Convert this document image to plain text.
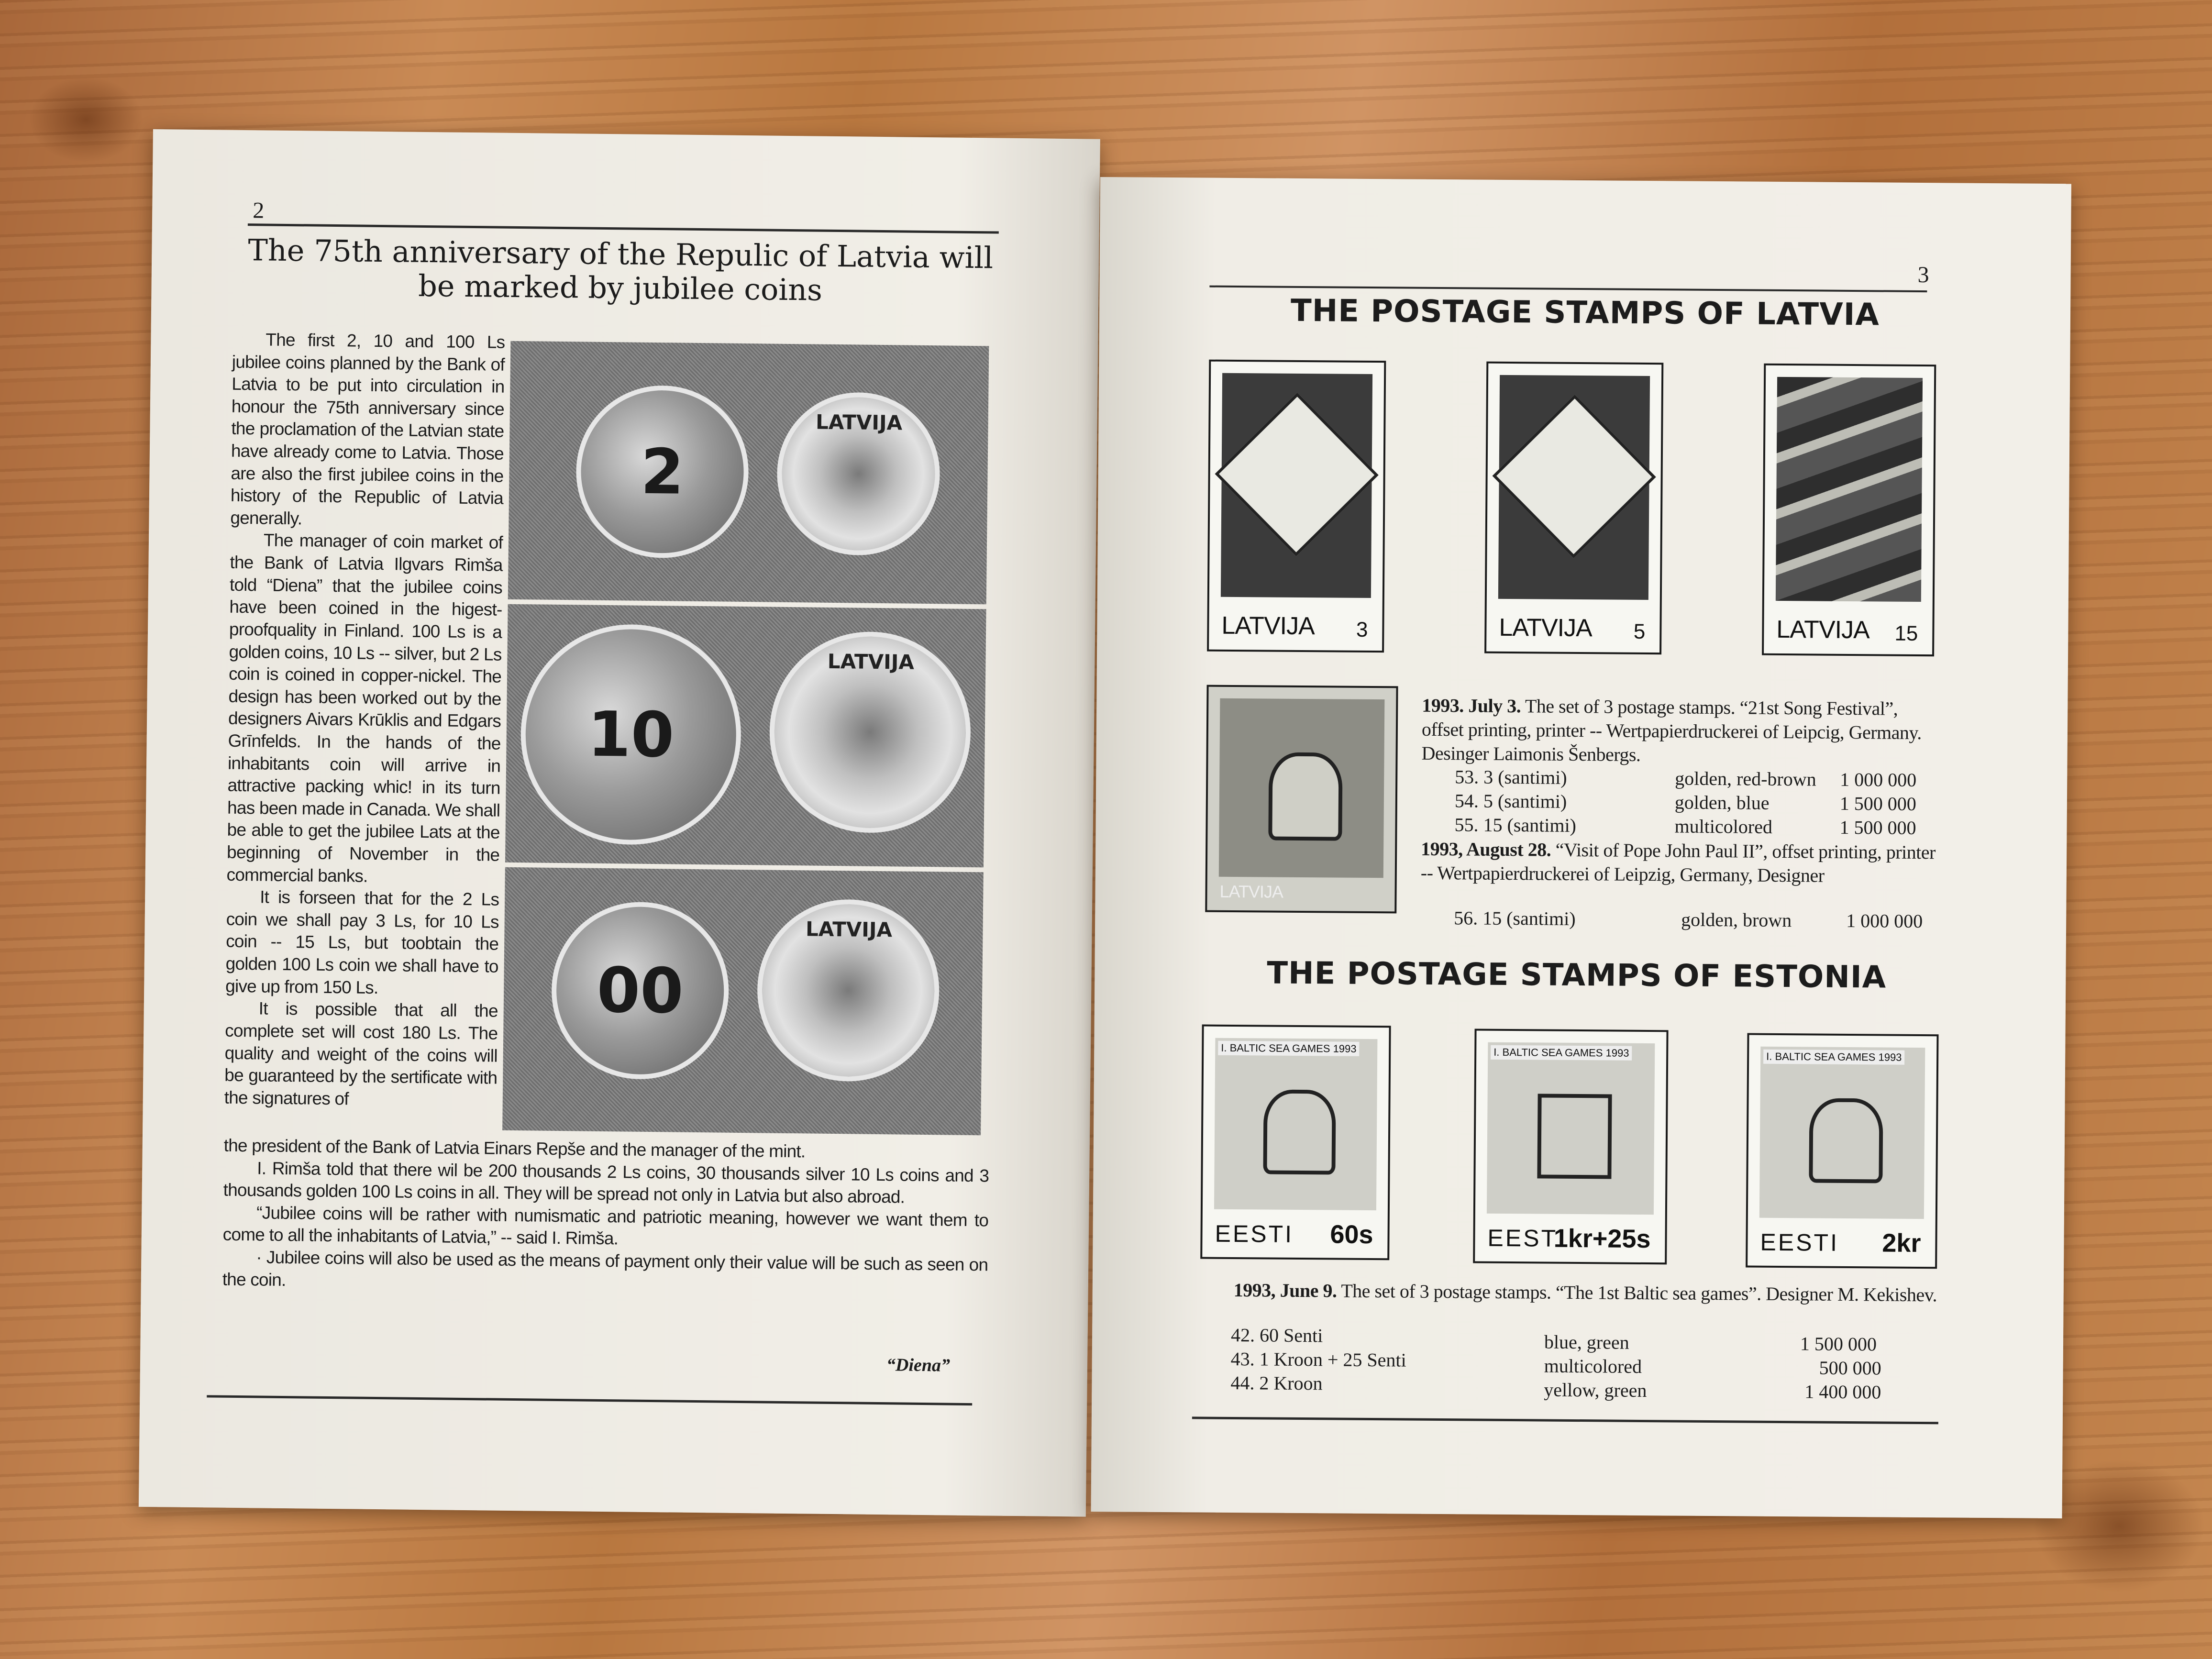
2
The 75th anniversary of the Repulic of Latvia will
be marked by jubilee coins

The first 2, 10 and 100 Ls jubilee coins planned by the Bank of Latvia to be put into circulation in honour the 75th anniversary since the proclamation of the Latvian state have already come to Latvia. Those are also the first jubilee coins in the history of the Republic of Latvia generally.

The manager of coin market of the Bank of Latvia Ilgvars Rimša told “Diena” that the jubilee coins have been coined in the higest-proofquality in Finland. 100 Ls is a golden coins, 10 Ls -- silver, but 2 Ls coin is coined in copper-nickel. The design has been worked out by the designers Aivars Krūklis and Edgars Grīnfelds. In the hands of the inhabitants coin will arrive in attractive packing whic! in its turn has been made in Canada. We shall be able to get the jubilee Lats at the beginning of November in the commercial banks.

It is forseen that for the 2 Ls coin we shall pay 3 Ls, for 10 Ls coin -- 15 Ls, but toobtain the golden 100 Ls coin we shall have to give up from 150 Ls.

It is possible that all the complete set will cost 180 Ls. The quality and weight of the coins will be guaranteed by the sertificate with the signatures of

2
LATVIJA
10
LATVIJA
00
LATVIJA

the president of the Bank of Latvia Einars Repše and the manager of the mint.

I. Rimša told that there wil be 200 thousands 2 Ls coins, 30 thousands silver 10 Ls coins and 3 thousands golden 100 Ls coins in all. They will be spread not only in Latvia but also abroad.

“Jubilee coins will be rather with numismatic and patriotic meaning, however we want them to come to all the inhabitants of Latvia,” -- said I. Rimša.

· Jubilee coins will also be used as the means of payment only their value will be such as seen on the coin.

“Diena”
3
THE POSTAGE STAMPS OF LATVIA
LATVIJA 3	LATVIJA 5	LATVIJA 15
LATVIJA
1993. July 3. The set of 3 postage stamps. “21st Song Festival”, offset printing, printer -- Wertpapierdruckerei of Leipcig, Germany. Desinger Laimonis Šenbergs.
53. 3 (santimi)	golden, red-brown 1 000 000
54. 5 (santimi)	golden, blue	1 500 000
55. 15 (santimi)	multicolored	1 500 000
1993, August 28. “Visit of Pope John Paul II”, offset printing, printer -- Wertpapierdruckerei of Leipzig, Germany, Designer
56. 15 (santimi)	golden, brown	1 000 000
THE POSTAGE STAMPS OF ESTONIA
I. BALTIC SEA GAMES 1993
EESTI 60s
I. BALTIC SEA GAMES 1993
EESTI
1kr+25s
I. BALTIC SEA GAMES 1993
EESTI 2kr
1993, June 9. The set of 3 postage stamps. “The 1st Baltic sea games”. Designer M. Kekishev.
42. 60 Senti	blue, green	1 500 000
43. 1 Kroon + 25 Senti	multicolored	500 000
44. 2 Kroon	yellow, green	1 400 000
